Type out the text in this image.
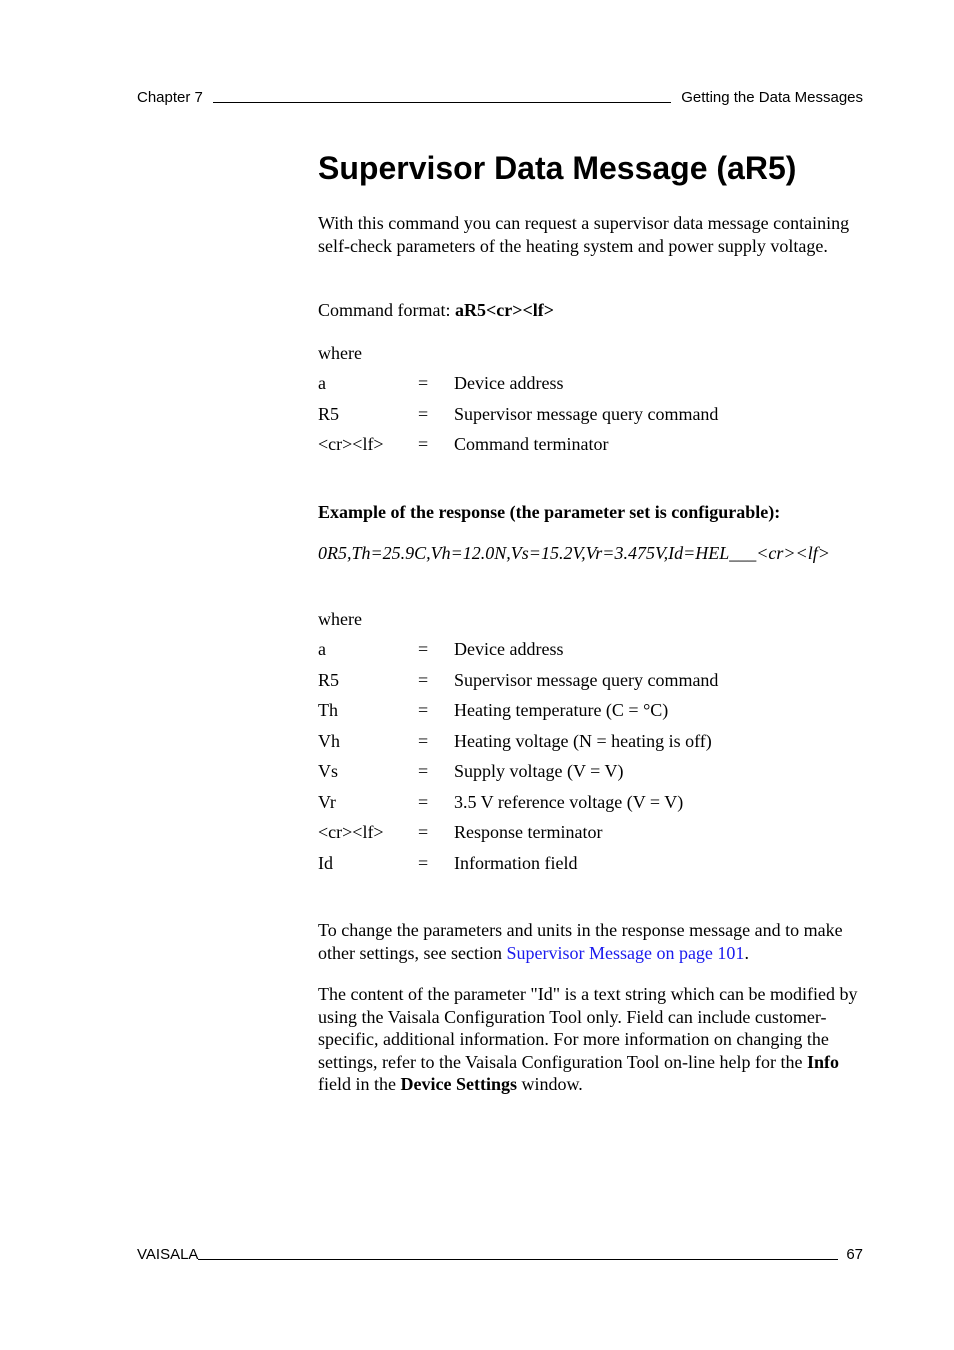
Chapter 7	Getting the Data Messages
Supervisor Data Message (aR5)

With this command you can request a supervisor data message containing self-check parameters of the heating system and power supply voltage.

Command format: aR5<cr><lf>

where

a	= Device address
R5	= Supervisor message query command
<cr><lf> = Command terminator

Example of the response (the parameter set is configurable):

0R5,Th=25.9C,Vh=12.0N,Vs=15.2V,Vr=3.475V,Id=HEL___<cr><lf>

where

a	= Device address
R5	= Supervisor message query command
Th	= Heating temperature (C = °C)
Vh	= Heating voltage (N = heating is off)
Vs	= Supply voltage (V = V)
Vr	= 3.5 V reference voltage (V = V)
<cr><lf> = Response terminator
Id	= Information field

To change the parameters and units in the response message and to make other settings, see section Supervisor Message on page 101.

The content of the parameter "Id" is a text string which can be modified by using the Vaisala Configuration Tool only. Field can include customer-specific, additional information. For more information on changing the settings, refer to the Vaisala Configuration Tool on-line help for the Info field in the Device Settings window.

VAISALA	67
